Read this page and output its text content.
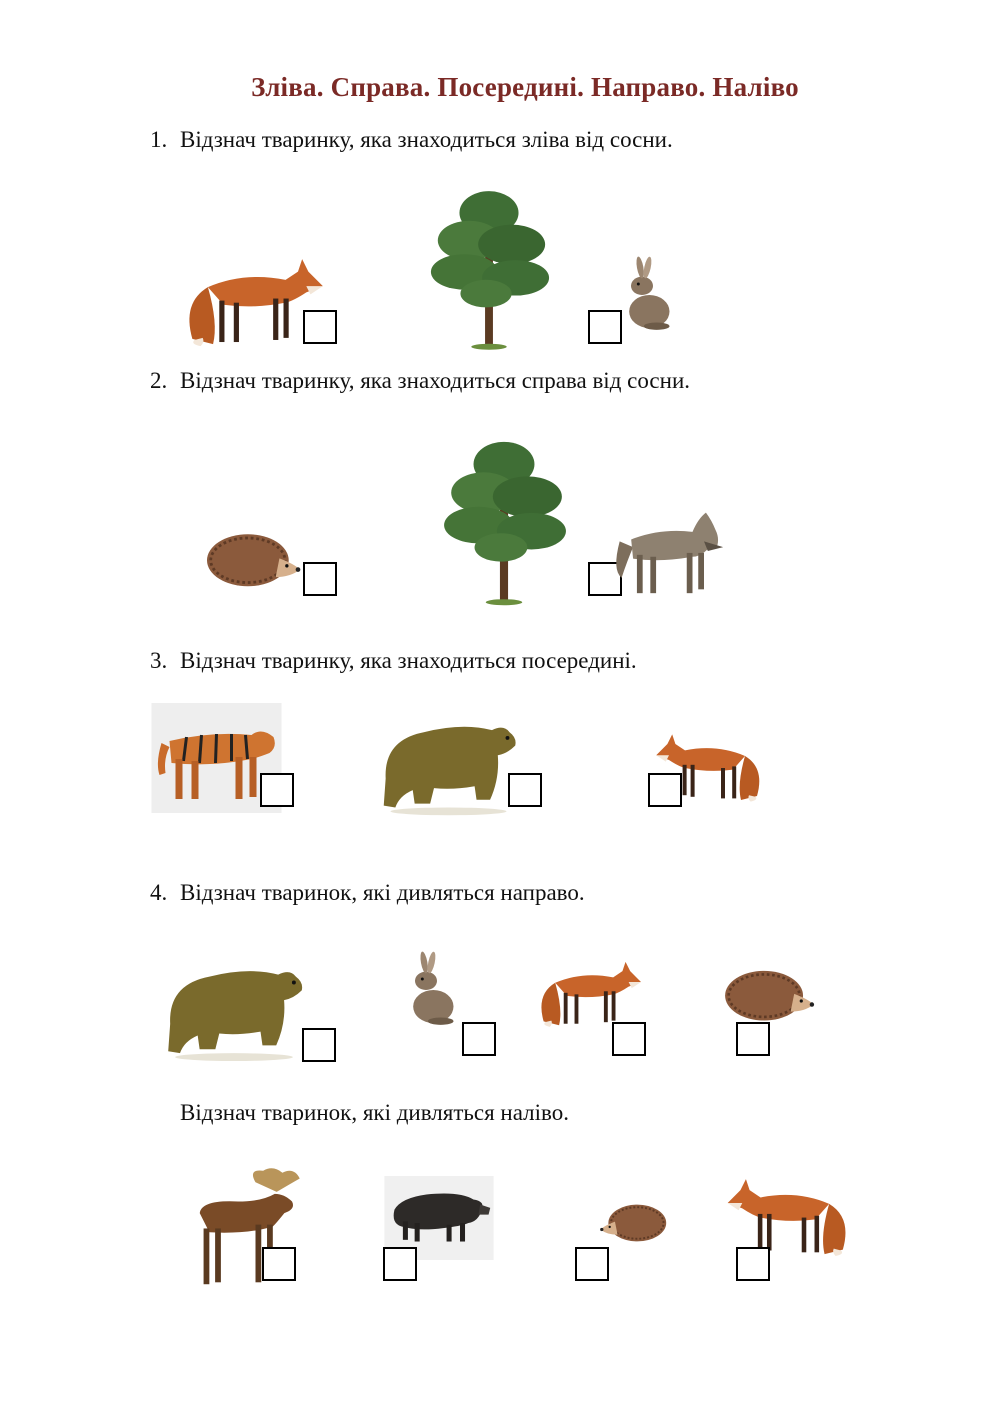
Зліва. Справа. Посередині. Направо. Наліво
1. Відзнач тваринку, яка знаходиться зліва від сосни.
2. Відзнач тваринку, яка знаходиться справа від сосни.
3. Відзнач тваринку, яка знаходиться посередині.
4. Відзнач тваринок, які дивляться направо.
Відзнач тваринок, які дивляться наліво.
